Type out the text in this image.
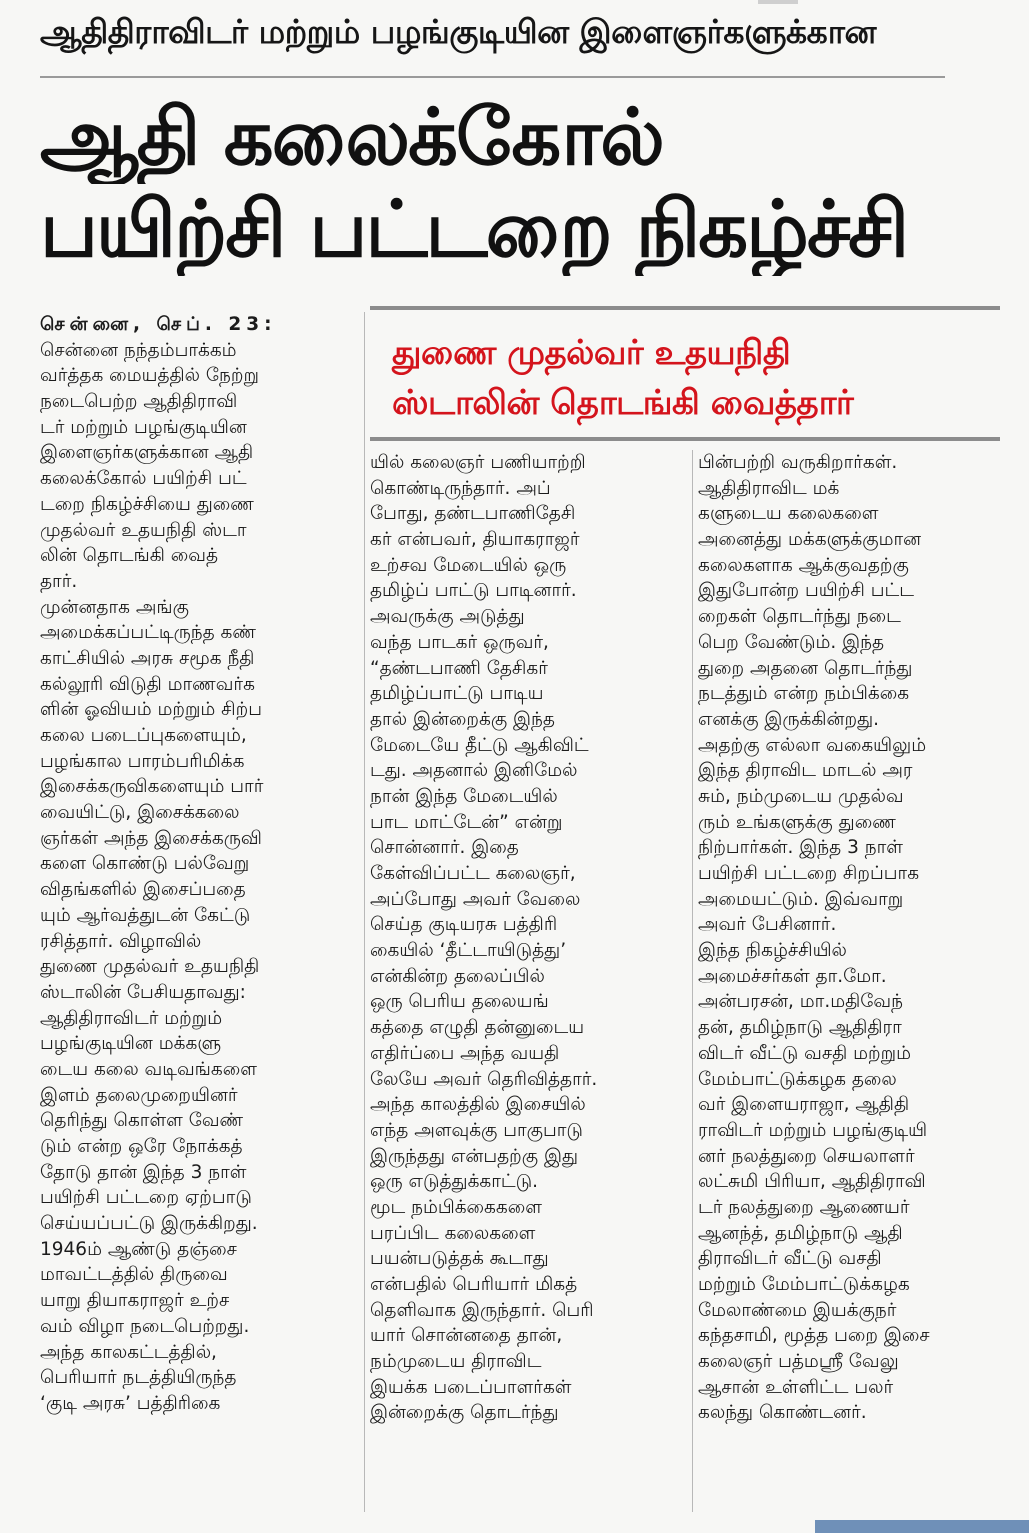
ஆதிதிராவிடர் மற்றும் பழங்குடியின இளைஞர்களுக்கான
ஆதி கலைக்கோல்
பயிற்சி பட்டறை நிகழ்ச்சி
துணை முதல்வர் உதயநிதி
ஸ்டாலின் தொடங்கி வைத்தார்
சென்னை, செப். 23:
சென்னை நந்தம்பாக்கம்
வர்த்தக மையத்தில் நேற்று
நடைபெற்ற ஆதிதிராவி
டர் மற்றும் பழங்குடியின
இளைஞர்களுக்கான ஆதி
கலைக்கோல் பயிற்சி பட்
டறை நிகழ்ச்சியை துணை
முதல்வர் உதயநிதி ஸ்டா
லின் தொடங்கி வைத்
தார்.
முன்னதாக அங்கு
அமைக்கப்பட்டிருந்த கண்
காட்சியில் அரசு சமூக நீதி
கல்லூரி விடுதி மாணவர்க
ளின் ஓவியம் மற்றும் சிற்ப
கலை படைப்புகளையும்,
பழங்கால பாரம்பரிமிக்க
இசைக்கருவிகளையும் பார்
வையிட்டு, இசைக்கலை
ஞர்கள் அந்த இசைக்கருவி
களை கொண்டு பல்வேறு
விதங்களில் இசைப்பதை
யும் ஆர்வத்துடன் கேட்டு
ரசித்தார். விழாவில்
துணை முதல்வர் உதயநிதி
ஸ்டாலின் பேசியதாவது:
ஆதிதிராவிடர் மற்றும்
பழங்குடியின மக்களு
டைய கலை வடிவங்களை
இளம் தலைமுறையினர்
தெரிந்து கொள்ள வேண்
டும் என்ற ஒரே நோக்கத்
தோடு தான் இந்த 3 நாள்
பயிற்சி பட்டறை ஏற்பாடு
செய்யப்பட்டு இருக்கிறது.
1946ம் ஆண்டு தஞ்சை
மாவட்டத்தில் திருவை
யாறு தியாகராஜர் உற்ச
வம் விழா நடைபெற்றது.
அந்த காலகட்டத்தில்,
பெரியார் நடத்தியிருந்த
‘குடி அரசு’ பத்திரிகை
யில் கலைஞர் பணியாற்றி
கொண்டிருந்தார். அப்
போது, தண்டபாணிதேசி
கர் என்பவர், தியாகராஜர்
உற்சவ மேடையில் ஒரு
தமிழ்ப் பாட்டு பாடினார்.
அவருக்கு அடுத்து
வந்த பாடகர் ஒருவர்,
“தண்டபாணி தேசிகர்
தமிழ்ப்பாட்டு பாடிய
தால் இன்றைக்கு இந்த
மேடையே தீட்டு ஆகிவிட்
டது. அதனால் இனிமேல்
நான் இந்த மேடையில்
பாட மாட்டேன்” என்று
சொன்னார். இதை
கேள்விப்பட்ட கலைஞர்,
அப்போது அவர் வேலை
செய்த குடியரசு பத்திரி
கையில் ‘தீட்டாயிடுத்து’
என்கின்ற தலைப்பில்
ஒரு பெரிய தலையங்
கத்தை எழுதி தன்னுடைய
எதிர்ப்பை அந்த வயதி
லேயே அவர் தெரிவித்தார்.
அந்த காலத்தில் இசையில்
எந்த அளவுக்கு பாகுபாடு
இருந்தது என்பதற்கு இது
ஒரு எடுத்துக்காட்டு.
மூட நம்பிக்கைகளை
பரப்பிட கலைகளை
பயன்படுத்தக் கூடாது
என்பதில் பெரியார் மிகத்
தெளிவாக இருந்தார். பெரி
யார் சொன்னதை தான்,
நம்முடைய திராவிட
இயக்க படைப்பாளர்கள்
இன்றைக்கு தொடர்ந்து
பின்பற்றி வருகிறார்கள்.
ஆதிதிராவிட மக்
களுடைய கலைகளை
அனைத்து மக்களுக்குமான
கலைகளாக ஆக்குவதற்கு
இதுபோன்ற பயிற்சி பட்ட
றைகள் தொடர்ந்து நடை
பெற வேண்டும். இந்த
துறை அதனை தொடர்ந்து
நடத்தும் என்ற நம்பிக்கை
எனக்கு இருக்கின்றது.
அதற்கு எல்லா வகையிலும்
இந்த திராவிட மாடல் அர
சும், நம்முடைய முதல்வ
ரும் உங்களுக்கு துணை
நிற்பார்கள். இந்த 3 நாள்
பயிற்சி பட்டறை சிறப்பாக
அமையட்டும். இவ்வாறு
அவர் பேசினார்.
இந்த நிகழ்ச்சியில்
அமைச்சர்கள் தா.மோ.
அன்பரசன், மா.மதிவேந்
தன், தமிழ்நாடு ஆதிதிரா
விடர் வீட்டு வசதி மற்றும்
மேம்பாட்டுக்கழக தலை
வர் இளையராஜா, ஆதிதி
ராவிடர் மற்றும் பழங்குடியி
னர் நலத்துறை செயலாளர்
லட்சுமி பிரியா, ஆதிதிராவி
டர் நலத்துறை ஆணையர்
ஆனந்த், தமிழ்நாடு ஆதி
திராவிடர் வீட்டு வசதி
மற்றும் மேம்பாட்டுக்கழக
மேலாண்மை இயக்குநர்
கந்தசாமி, மூத்த பறை இசை
கலைஞர் பத்மஸ்ரீ வேலு
ஆசான் உள்ளிட்ட பலர்
கலந்து கொண்டனர்.
